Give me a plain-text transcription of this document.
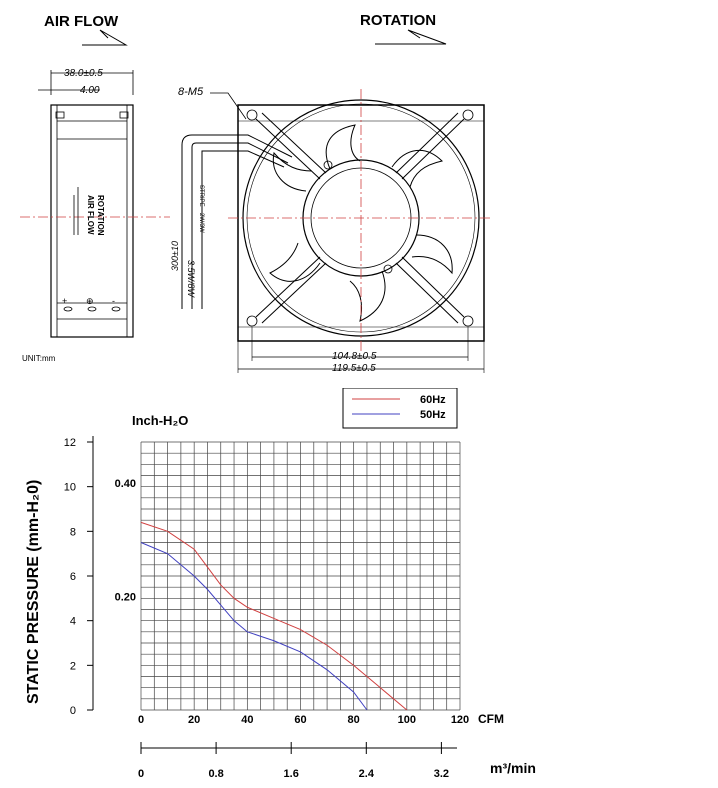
AIR FLOW	ROTATION
38.0±0.5
4.00
AIR FLOW ROTATION
+ ⊕ -
UNIT:mm
8-M5
300±10
STRIPE
3.5W/8W
2W/3W
104.8±0.5
119.5±0.5
60Hz
50Hz
Inch-H₂O
0
2
4
6
8
10
12
0.40
0.20
0	20	40	60	80	100	120
0	0.8	1.6	2.4	3.2
STATIC PRESSURE (mm-H₂0)
CFM
m³/min
